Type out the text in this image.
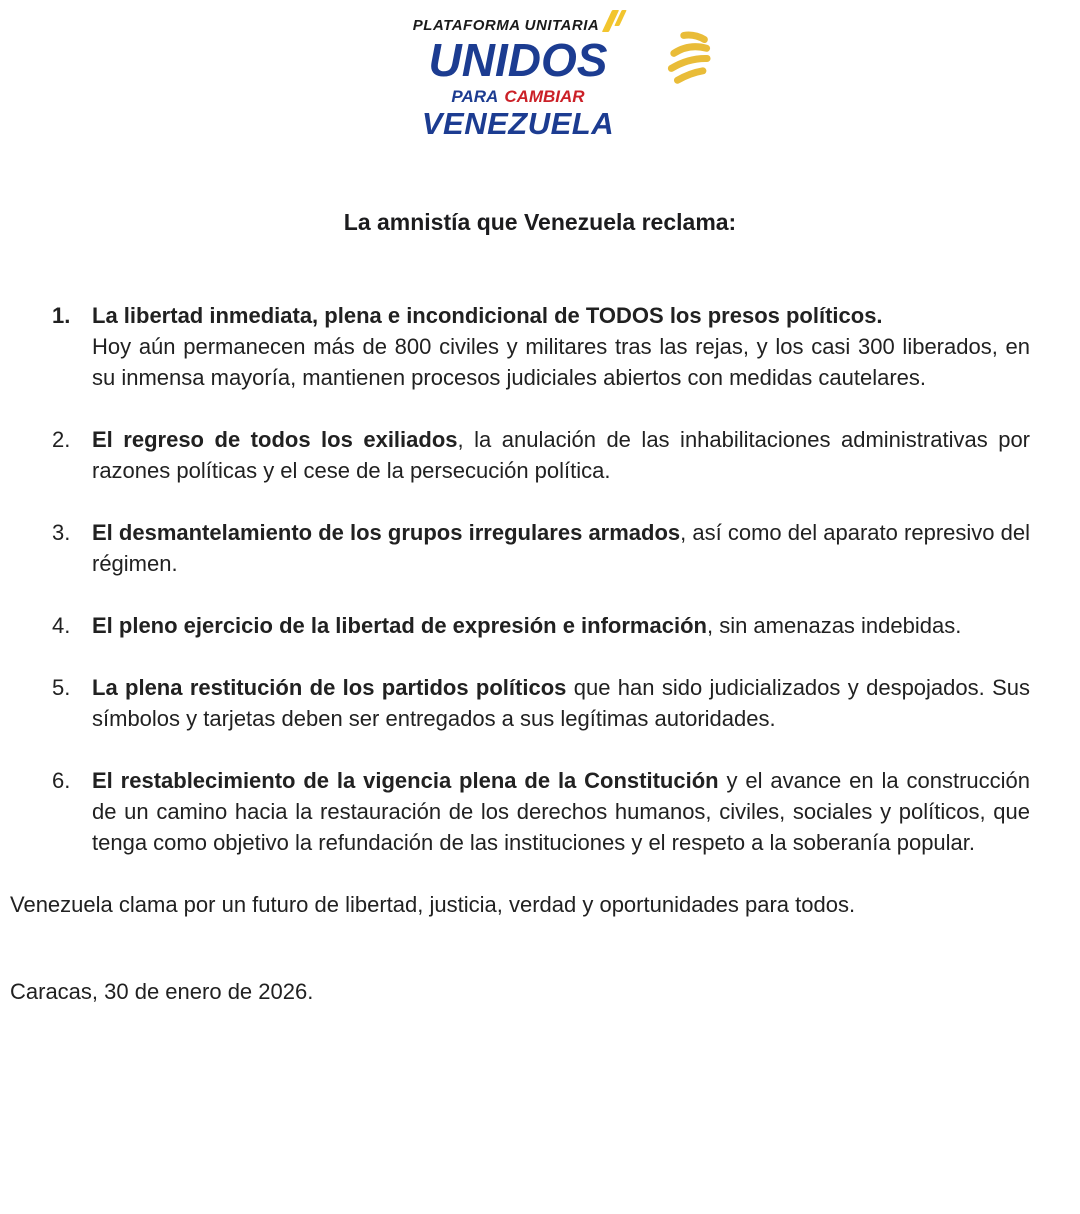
PLATAFORMA UNITARIA
UNIDOS
PARA CAMBIAR
VENEZUELA
La amnistía que Venezuela reclama:
1. La libertad inmediata, plena e incondicional de TODOS los presos políticos.
Hoy aún permanecen más de 800 civiles y militares tras las rejas, y los casi 300 liberados, en su inmensa mayoría, mantienen procesos judiciales abiertos con medidas cautelares.
2. El regreso de todos los exiliados, la anulación de las inhabilitaciones administrativas por razones políticas y el cese de la persecución política.
3. El desmantelamiento de los grupos irregulares armados, así como del aparato represivo del régimen.
4. El pleno ejercicio de la libertad de expresión e información, sin amenazas indebidas.
5. La plena restitución de los partidos políticos que han sido judicializados y despojados. Sus símbolos y tarjetas deben ser entregados a sus legítimas autoridades.
6. El restablecimiento de la vigencia plena de la Constitución y el avance en la construcción de un camino hacia la restauración de los derechos humanos, civiles, sociales y políticos, que tenga como objetivo la refundación de las instituciones y el respeto a la soberanía popular.
Venezuela clama por un futuro de libertad, justicia, verdad y oportunidades para todos.
Caracas, 30 de enero de 2026.
